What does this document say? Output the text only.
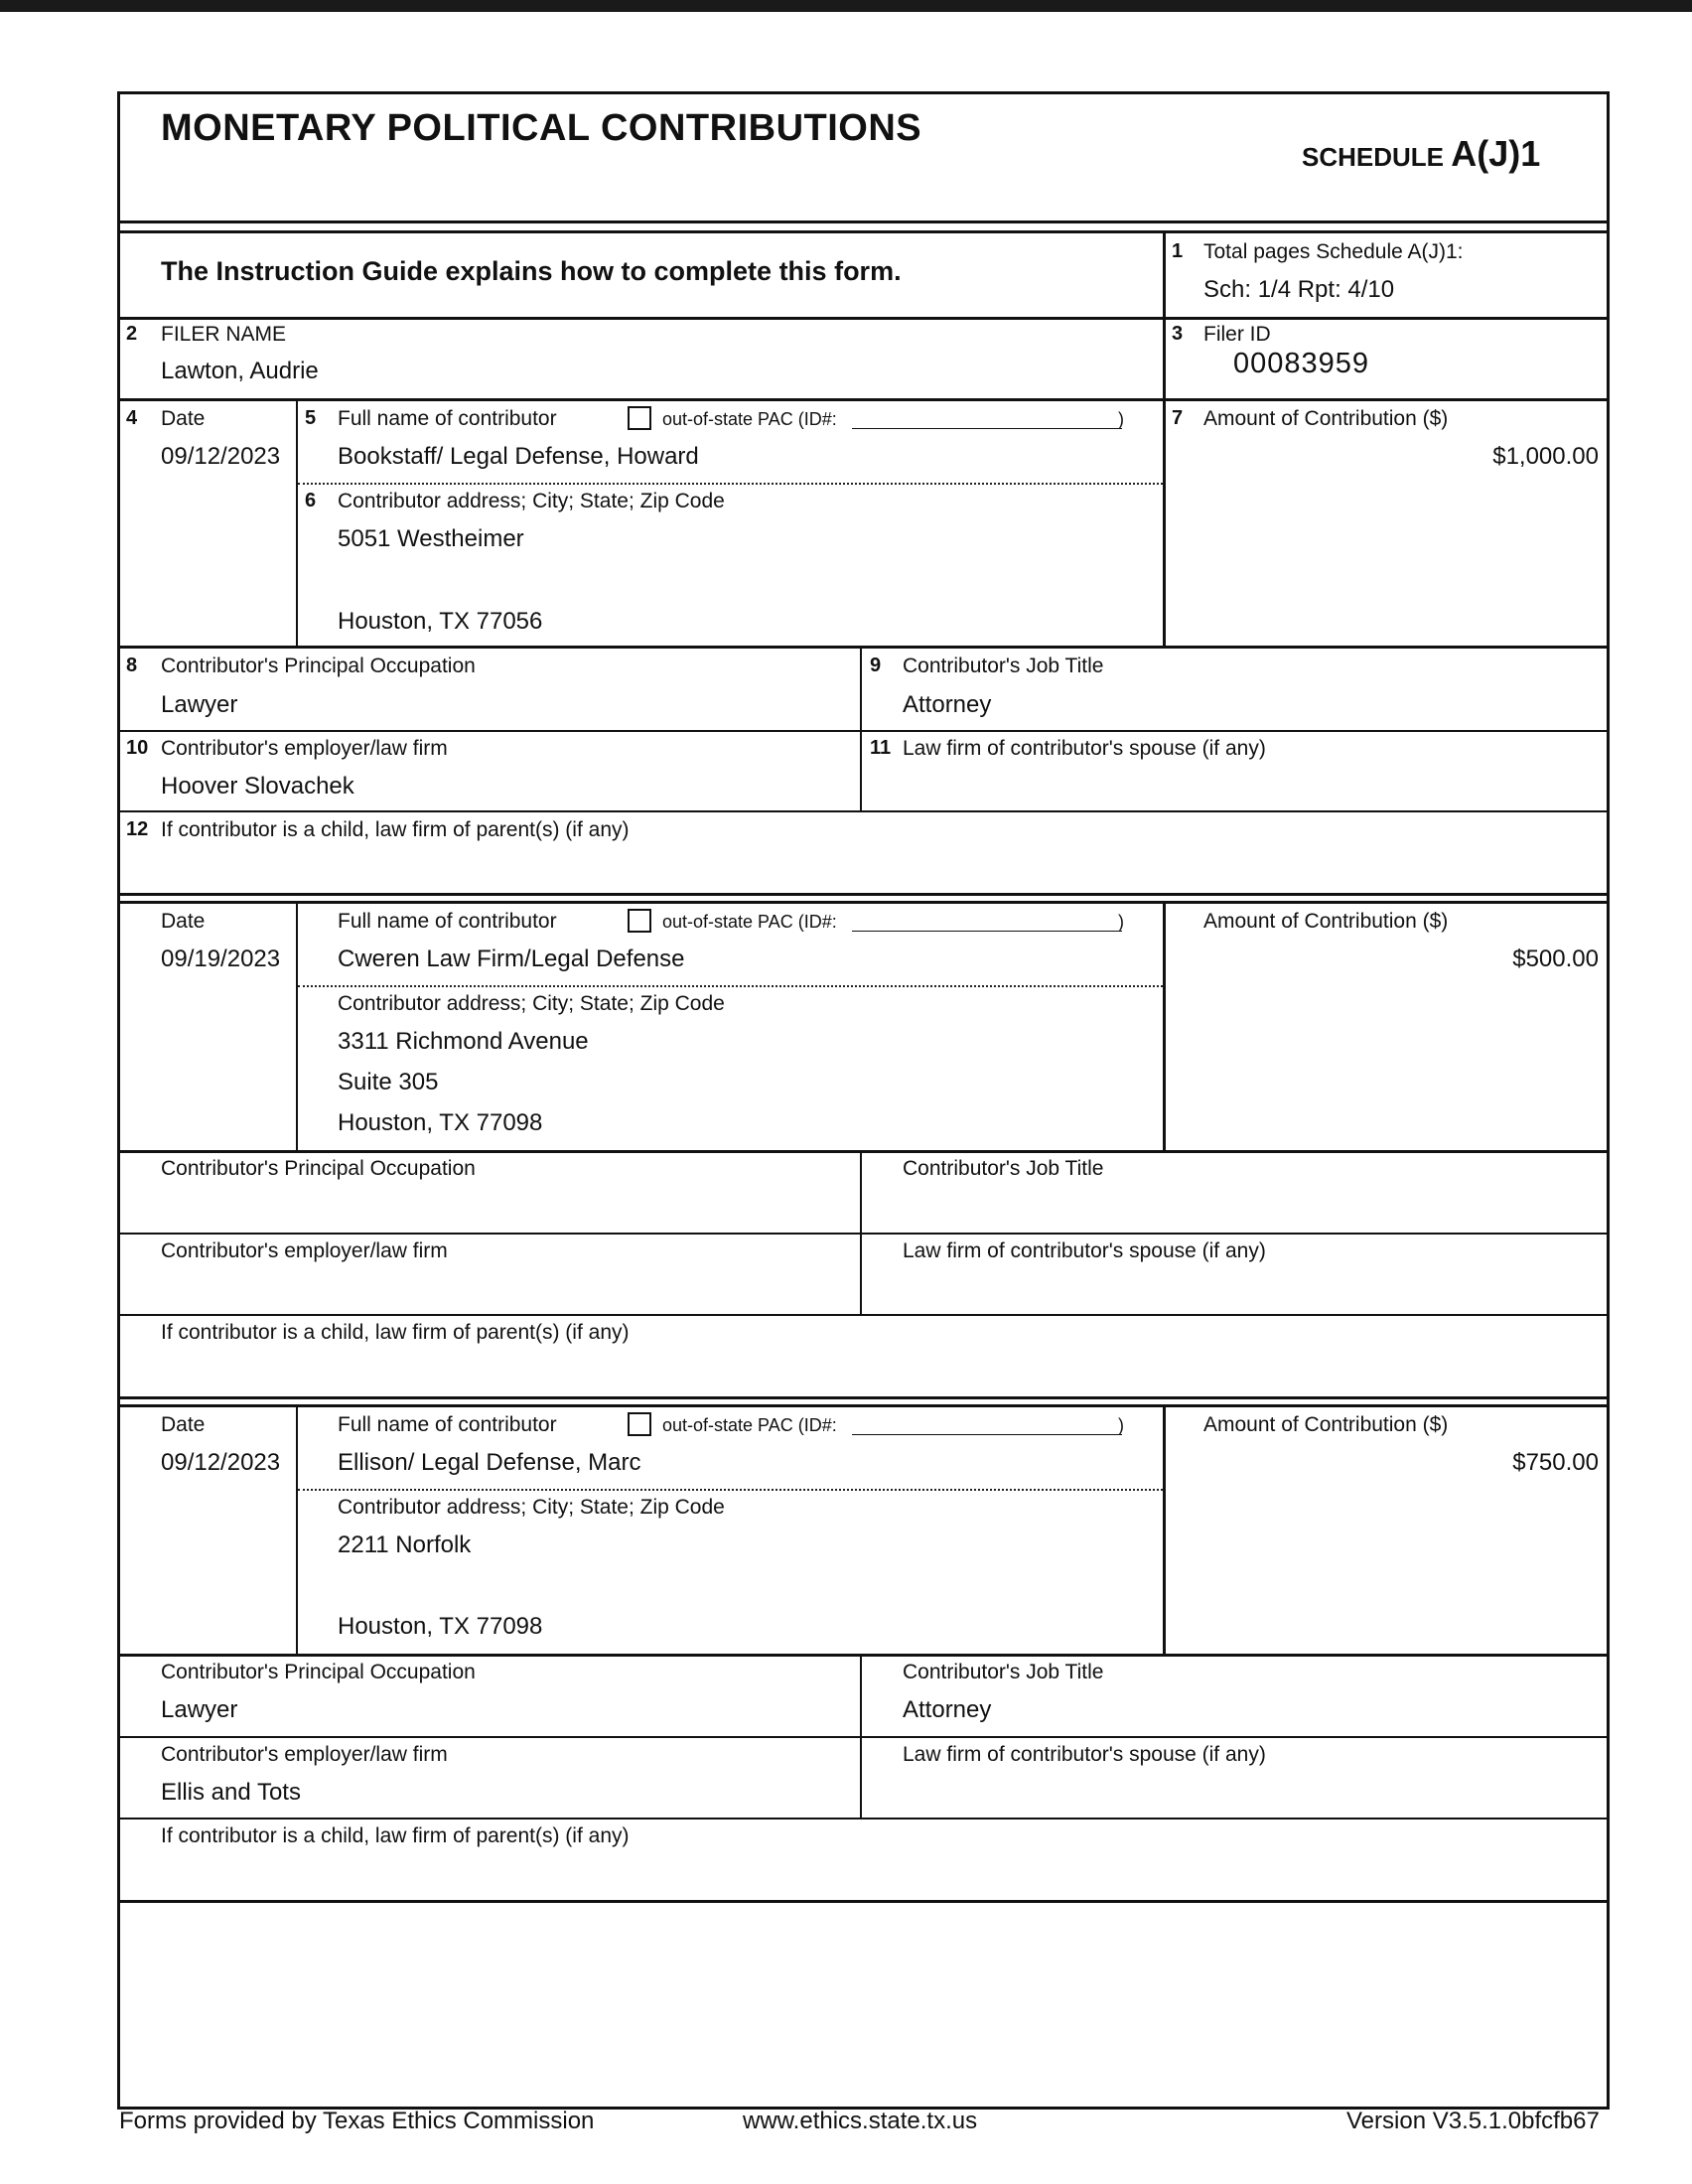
MONETARY POLITICAL CONTRIBUTIONS
SCHEDULE A(J)1
The Instruction Guide explains how to complete this form.
1 Total pages Schedule A(J)1:
Sch: 1/4 Rpt: 4/10
2 FILER NAME
Lawton, Audrie
3 Filer ID
00083959
4 Date
09/12/2023
5 Full name of contributor	out-of-state PAC (ID#:	)
Bookstaff/ Legal Defense, Howard
6 Contributor address; City; State; Zip Code
5051 Westheimer
Houston, TX 77056
7 Amount of Contribution ($)
$1,000.00
8 Contributor's Principal Occupation
Lawyer
9 Contributor's Job Title
Attorney
10 Contributor's employer/law firm
Hoover Slovachek
11 Law firm of contributor's spouse (if any)
12 If contributor is a child, law firm of parent(s) (if any)
Date
09/19/2023
Full name of contributor	out-of-state PAC (ID#:	)
Cweren Law Firm/Legal Defense
Contributor address; City; State; Zip Code
3311 Richmond Avenue
Suite 305
Houston, TX 77098
Amount of Contribution ($)
$500.00
Contributor's Principal Occupation	Contributor's Job Title
Contributor's employer/law firm	Law firm of contributor's spouse (if any)
If contributor is a child, law firm of parent(s) (if any)
Date
09/12/2023
Full name of contributor	out-of-state PAC (ID#:	)
Ellison/ Legal Defense, Marc
Contributor address; City; State; Zip Code
2211 Norfolk
Houston, TX 77098
Amount of Contribution ($)
$750.00
Contributor's Principal Occupation
Lawyer
Contributor's Job Title
Attorney
Contributor's employer/law firm
Ellis and Tots
Law firm of contributor's spouse (if any)
If contributor is a child, law firm of parent(s) (if any)
Forms provided by Texas Ethics Commission	www.ethics.state.tx.us	Version V3.5.1.0bfcfb67
